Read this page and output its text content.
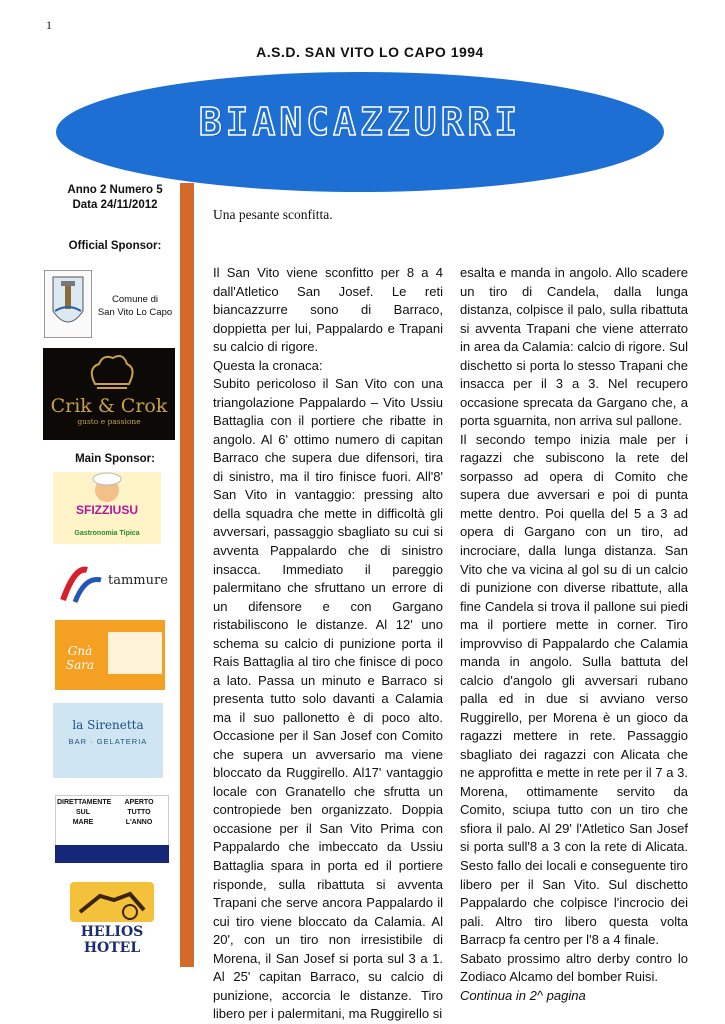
1
A.S.D. SAN VITO LO CAPO 1994
BIANCAZZURRI
Anno 2 Numero 5
Data 24/11/2012
Official Sponsor:
Comune di
San Vito Lo Capo
Crik & Crok
gusto e passione
Main Sponsor:
SFIZZIUSU
Gastronomia Tipica
tammure
Gnà
Sara
la Sirenetta
BAR · GELATERIA
DIRETTAMENTE
SUL
MARE
APERTO
TUTTO
L'ANNO
HELIOS
HOTEL
Una pesante sconfitta.

Il San Vito viene sconfitto per 8 a 4 dall'Atletico San Josef. Le reti biancazzurre sono di Barraco, doppietta per lui, Pappalardo e Trapani su calcio di rigore.
Questa la cronaca:
Subito pericoloso il San Vito con una triangolazione Pappalardo – Vito Ussiu Battaglia con il portiere che ribatte in angolo. Al 6' ottimo numero di capitan Barraco che supera due difensori, tira di sinistro, ma il tiro finisce fuori. All'8' San Vito in vantaggio: pressing alto della squadra che mette in difficoltà gli avversari, passaggio sbagliato su cui si avventa Pappalardo che di sinistro insacca. Immediato il pareggio palermitano che sfruttano un errore di un difensore e con Gargano ristabiliscono le distanze. Al 12' uno schema su calcio di punizione porta il Rais Battaglia al tiro che finisce di poco a lato. Passa un minuto e Barraco si presenta tutto solo davanti a Calamia ma il suo pallonetto è di poco alto. Occasione per il San Josef con Comito che supera un avversario ma viene bloccato da Ruggirello. Al17' vantaggio locale con Granatello che sfrutta un contropiede ben organizzato. Doppia occasione per il San Vito Prima con Pappalardo che imbeccato da Ussiu Battaglia spara in porta ed il portiere risponde, sulla ribattuta si avventa Trapani che serve ancora Pappalardo il cui tiro viene bloccato da Calamia. Al 20', con un tiro non irresistibile di Morena, il San Josef si porta sul 3 a 1. Al 25' capitan Barraco, su calcio di punizione, accorcia le distanze. Tiro libero per i palermitani, ma Ruggirello si

esalta e manda in angolo. Allo scadere un tiro di Candela, dalla lunga distanza, colpisce il palo, sulla ribattuta si avventa Trapani che viene atterrato in area da Calamia: calcio di rigore. Sul dischetto si porta lo stesso Trapani che insacca per il 3 a 3. Nel recupero occasione sprecata da Gargano che, a porta sguarnita, non arriva sul pallone.
Il secondo tempo inizia male per i ragazzi che subiscono la rete del sorpasso ad opera di Comito che supera due avversari e poi di punta mette dentro. Poi quella del 5 a 3 ad opera di Gargano con un tiro, ad incrociare, dalla lunga distanza. San Vito che va vicina al gol su di un calcio di punizione con diverse ribattute, alla fine Candela si trova il pallone sui piedi ma il portiere mette in corner. Tiro improvviso di Pappalardo che Calamia manda in angolo. Sulla battuta del calcio d'angolo gli avversari rubano palla ed in due si avviano verso Ruggirello, per Morena è un gioco da ragazzi mettere in rete. Passaggio sbagliato dei ragazzi con Alicata che ne approfitta e mette in rete per il 7 a 3. Morena, ottimamente servito da Comito, sciupa tutto con un tiro che sfiora il palo. Al 29' l'Atletico San Josef si porta sull'8 a 3 con la rete di Alicata. Sesto fallo dei locali e conseguente tiro libero per il San Vito. Sul dischetto Pappalardo che colpisce l'incrocio dei pali. Altro tiro libero questa volta Barracp fa centro per l'8 a 4 finale.
Sabato prossimo altro derby contro lo Zodiaco Alcamo del bomber Ruisi.

Continua in 2^ pagina
